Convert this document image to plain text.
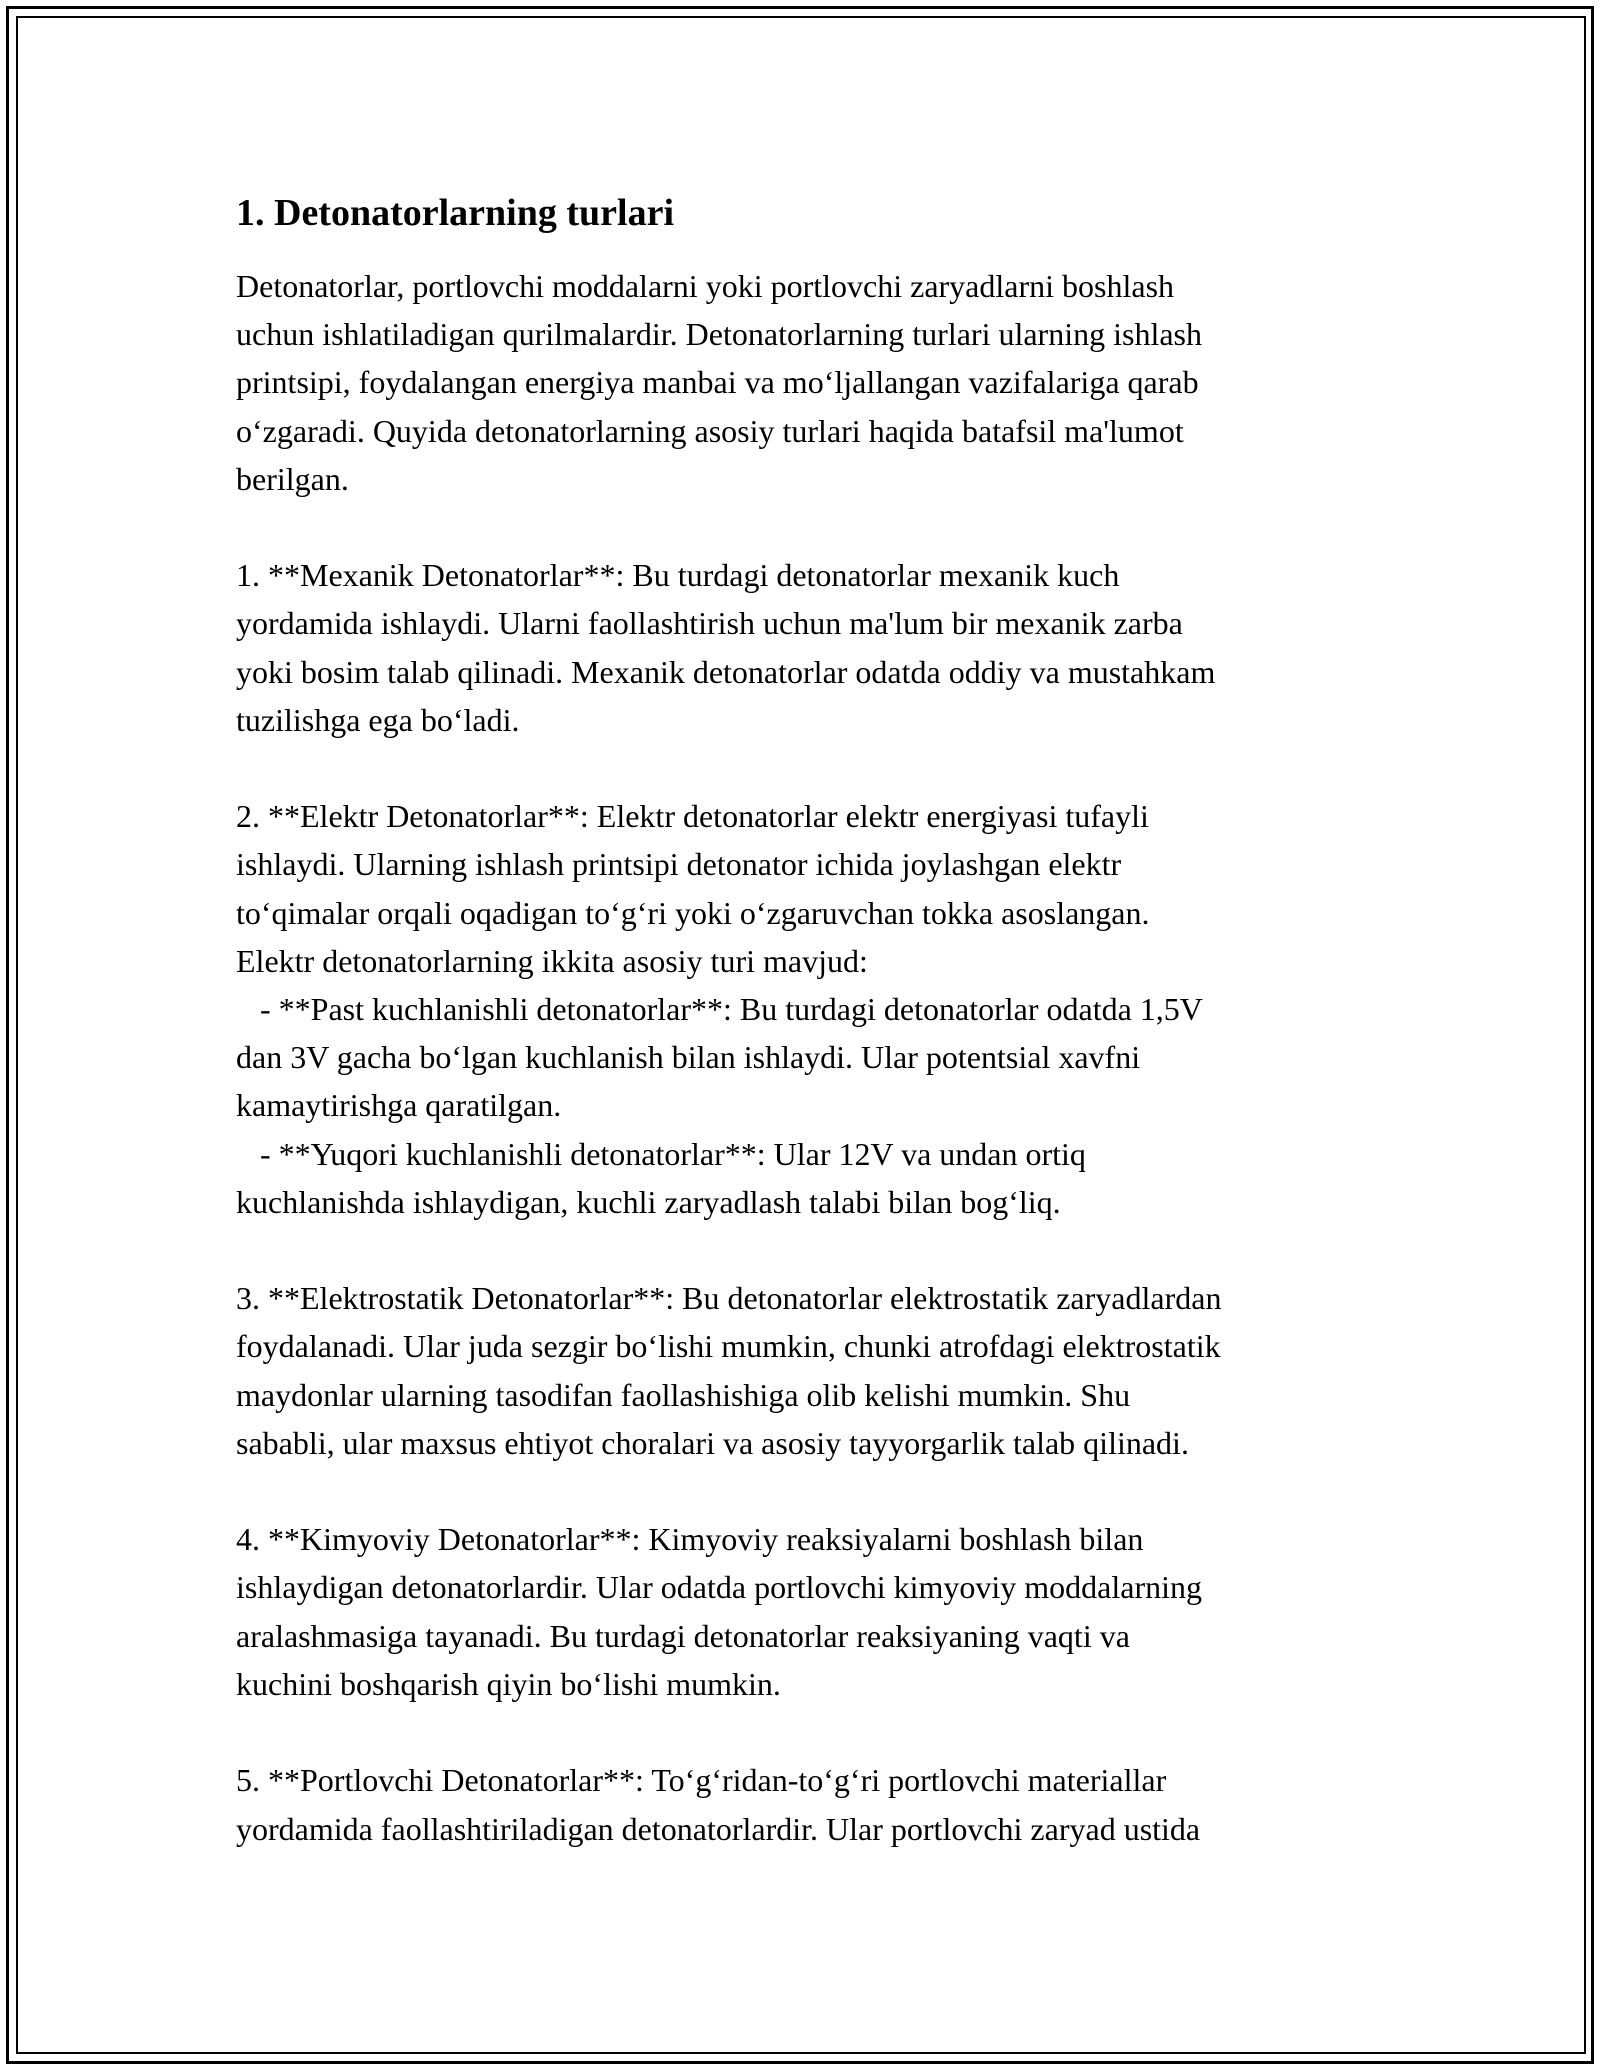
1. Detonatorlarning turlari
Detonatorlar, portlovchi moddalarni yoki portlovchi zaryadlarni boshlash
uchun ishlatiladigan qurilmalardir. Detonatorlarning turlari ularning ishlash
printsipi, foydalangan energiya manbai va moʻljallangan vazifalariga qarab
oʻzgaradi. Quyida detonatorlarning asosiy turlari haqida batafsil ma'lumot
berilgan.

1. **Mexanik Detonatorlar**: Bu turdagi detonatorlar mexanik kuch
yordamida ishlaydi. Ularni faollashtirish uchun ma'lum bir mexanik zarba
yoki bosim talab qilinadi. Mexanik detonatorlar odatda oddiy va mustahkam
tuzilishga ega boʻladi.

2. **Elektr Detonatorlar**: Elektr detonatorlar elektr energiyasi tufayli
ishlaydi. Ularning ishlash printsipi detonator ichida joylashgan elektr
toʻqimalar orqali oqadigan toʻgʻri yoki oʻzgaruvchan tokka asoslangan.
Elektr detonatorlarning ikkita asosiy turi mavjud:
- **Past kuchlanishli detonatorlar**: Bu turdagi detonatorlar odatda 1,5V
dan 3V gacha boʻlgan kuchlanish bilan ishlaydi. Ular potentsial xavfni
kamaytirishga qaratilgan.
- **Yuqori kuchlanishli detonatorlar**: Ular 12V va undan ortiq
kuchlanishda ishlaydigan, kuchli zaryadlash talabi bilan bogʻliq.

3. **Elektrostatik Detonatorlar**: Bu detonatorlar elektrostatik zaryadlardan
foydalanadi. Ular juda sezgir boʻlishi mumkin, chunki atrofdagi elektrostatik
maydonlar ularning tasodifan faollashishiga olib kelishi mumkin. Shu
sababli, ular maxsus ehtiyot choralari va asosiy tayyorgarlik talab qilinadi.

4. **Kimyoviy Detonatorlar**: Kimyoviy reaksiyalarni boshlash bilan
ishlaydigan detonatorlardir. Ular odatda portlovchi kimyoviy moddalarning
aralashmasiga tayanadi. Bu turdagi detonatorlar reaksiyaning vaqti va
kuchini boshqarish qiyin boʻlishi mumkin.

5. **Portlovchi Detonatorlar**: Toʻgʻridan-toʻgʻri portlovchi materiallar
yordamida faollashtiriladigan detonatorlardir. Ular portlovchi zaryad ustida
